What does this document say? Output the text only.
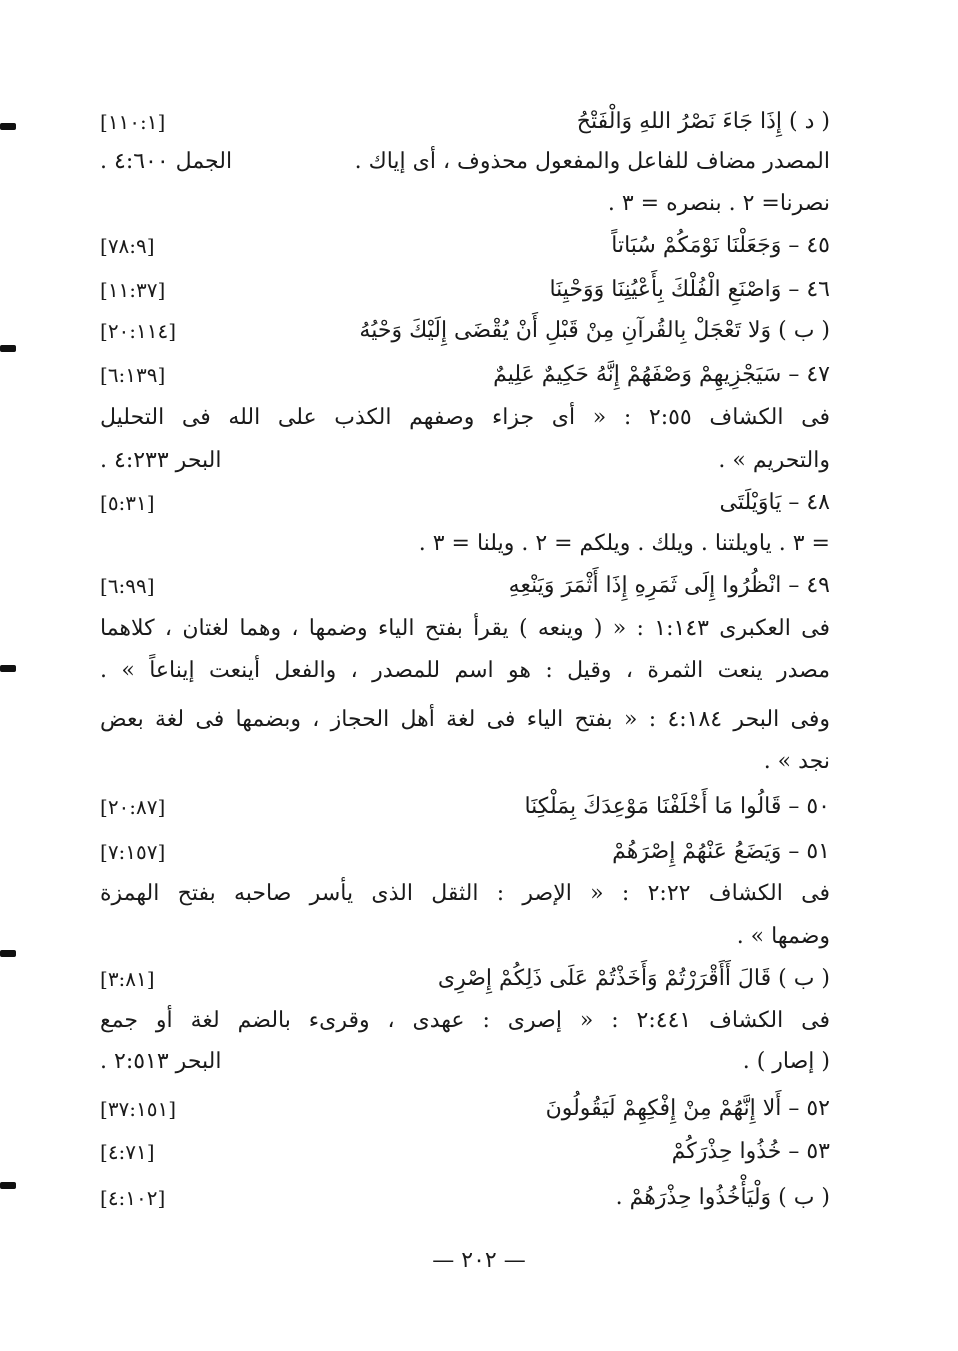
( د ) إِذَا جَاءَ نَصْرُ اللهِ وَالْفَتْحُ
[١١٠:١]
المصدر مضاف للفاعل والمفعول محذوف ، أى إياك .
الجمل ٤:٦٠٠ .
نصرنا= ٢ . بنصره = ٣ .
٤٥ – وَجَعَلْنَا نَوْمَكُمْ سُبَاتاً
[٧٨:٩]
٤٦ – وَاصْنَعِ الْفُلْكَ بِأَعْيُنِنَا وَوَحْيِنَا
[١١:٣٧]
( ب ) وَلا تَعْجَلْ بِالقُرآنِ مِنْ قَبْلِ أَنْ يُقْضَى إِلَيْكَ وَحْيُهُ
[٢٠:١١٤]
٤٧ – سَيَجْزِيهِمْ وَصْفَهُمْ إِنَّهُ حَكِيمٌ عَلِيمٌ
[٦:١٣٩]
فى الكشاف ٢:٥٥ : « أى جزاء وصفهم الكذب على الله فى التحليل
والتحريم » .
البحر ٤:٢٣٣ .
٤٨ – يَاوَيْلَتَى
[٥:٣١]
= ٣ . ياويلتنا . ويلك . ويلكم = ٢ . ويلنا = ٣ .
٤٩ – انْظُرُوا إِلَى ثَمَرِهِ إِذَا أَثْمَرَ وَيَنْعِهِ
[٦:٩٩]
فى العكبرى ١:١٤٣ : « ( وينعه ) يقرأ بفتح الياء وضمها ، وهما لغتان ، كلاهما
مصدر ينعت الثمرة ، وقيل : هو اسم للمصدر ، والفعل أينعت إيناعاً » .
وفى البحر ٤:١٨٤ : « بفتح الياء فى لغة أهل الحجاز ، وبضمها فى لغة بعض
نجد » .
٥٠ – قَالُوا مَا أَخْلَفْنَا مَوْعِدَكَ بِمَلْكِنَا
[٢٠:٨٧]
٥١ – وَيَضَعُ عَنْهُمْ إِصْرَهُمْ
[٧:١٥٧]
فى الكشاف ٢:٢٢ : « الإصر : الثقل الذى يأسر صاحبه بفتح الهمزة
وضمها » .
( ب ) قَالَ أَأَقْرَرْتُمْ وَأَخَذْتُمْ عَلَى ذَلِكُمْ إِصْرِى
[٣:٨١]
فى الكشاف ٢:٤٤١ : « إصرى : عهدى ، وقرىء بالضم لغة أو جمع
( إصار ) .
البحر ٢:٥١٣ .
٥٢ – أَلا إِنَّهُمْ مِنْ إِفْكِهِمْ لَيَقُولُونَ
[٣٧:١٥١]
٥٣ – خُذُوا حِذْرَكُمْ
[٤:٧١]
( ب ) وَلْيَأْخُذُوا حِذْرَهُمْ .
[٤:١٠٢]
— ٢٠٢ —
